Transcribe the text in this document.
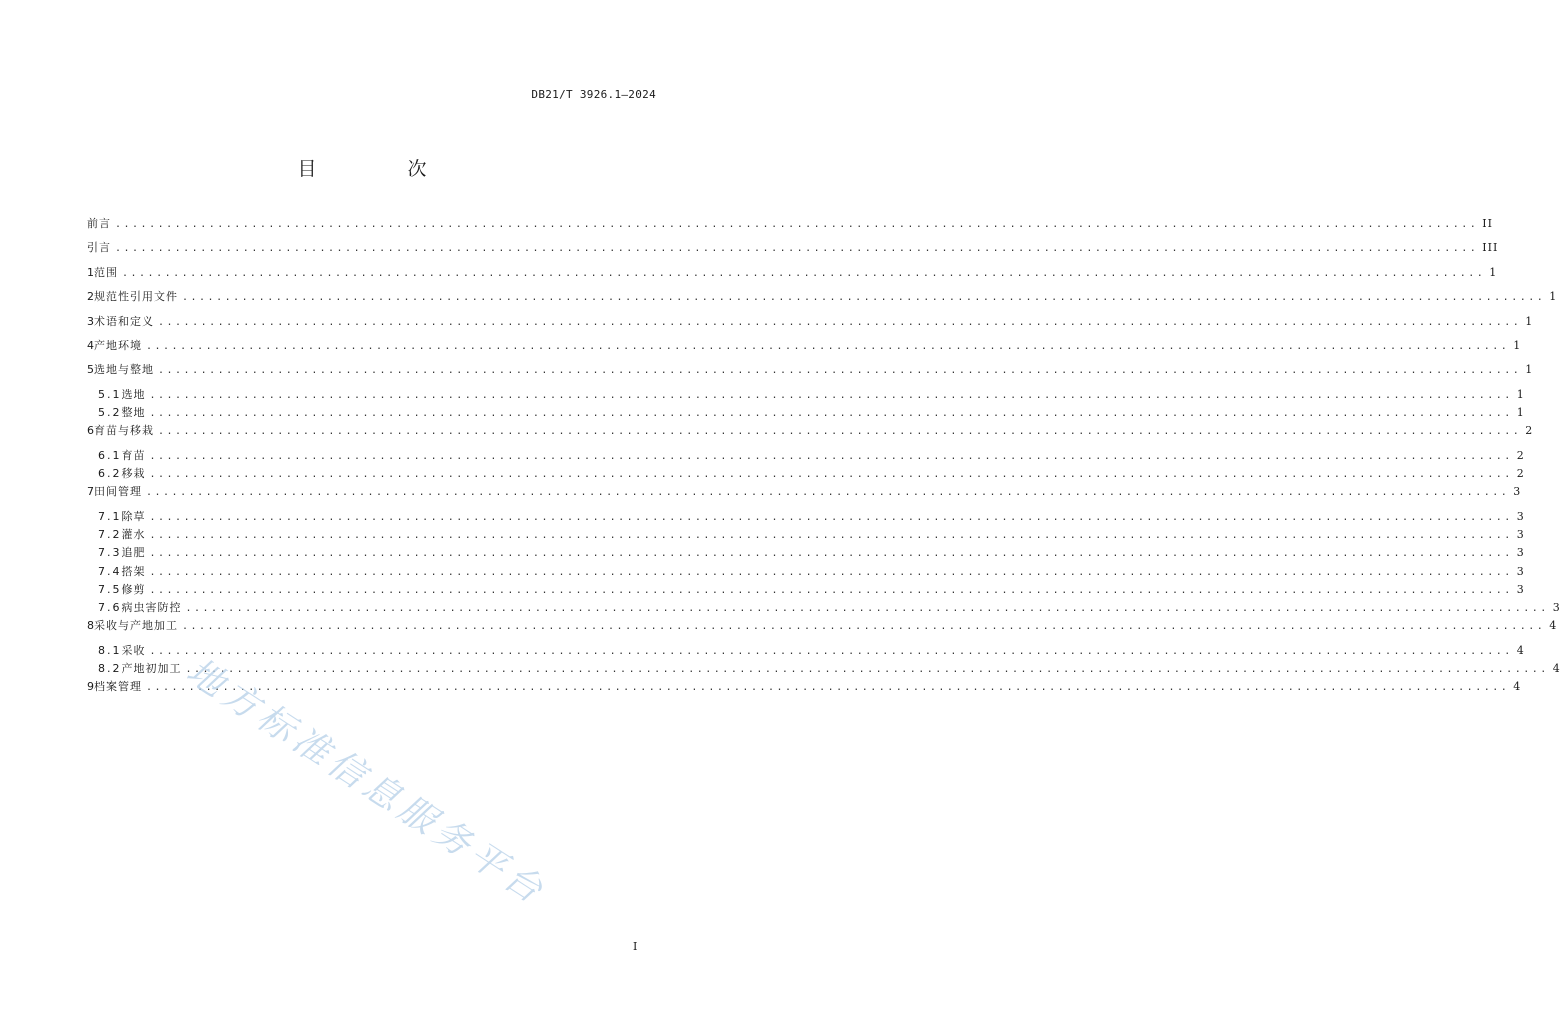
DB21/T 3926.1—2024
目　次
前言 ................................................................................................................................................................ II
引言 ................................................................................................................................................................ III
1 范围 ................................................................................................................................................................ 1
2 规范性引用文件 ................................................................................................................................................................ 1
3 术语和定义 ................................................................................................................................................................ 1
4 产地环境 ................................................................................................................................................................ 1
5 选地与整地 ................................................................................................................................................................ 1
5.1 选地 ................................................................................................................................................................ 1
5.2 整地 ................................................................................................................................................................ 1
6 育苗与移栽 ................................................................................................................................................................ 2
6.1 育苗 ................................................................................................................................................................ 2
6.2 移栽 ................................................................................................................................................................ 2
7 田间管理 ................................................................................................................................................................ 3
7.1 除草 ................................................................................................................................................................ 3
7.2 灌水 ................................................................................................................................................................ 3
7.3 追肥 ................................................................................................................................................................ 3
7.4 搭架 ................................................................................................................................................................ 3
7.5 修剪 ................................................................................................................................................................ 3
7.6 病虫害防控 ................................................................................................................................................................ 3
8 采收与产地加工 ................................................................................................................................................................ 4
8.1 采收 ................................................................................................................................................................ 4
8.2 产地初加工 ................................................................................................................................................................ 4
9 档案管理 ................................................................................................................................................................ 4
地方标准信息服务平台
I
